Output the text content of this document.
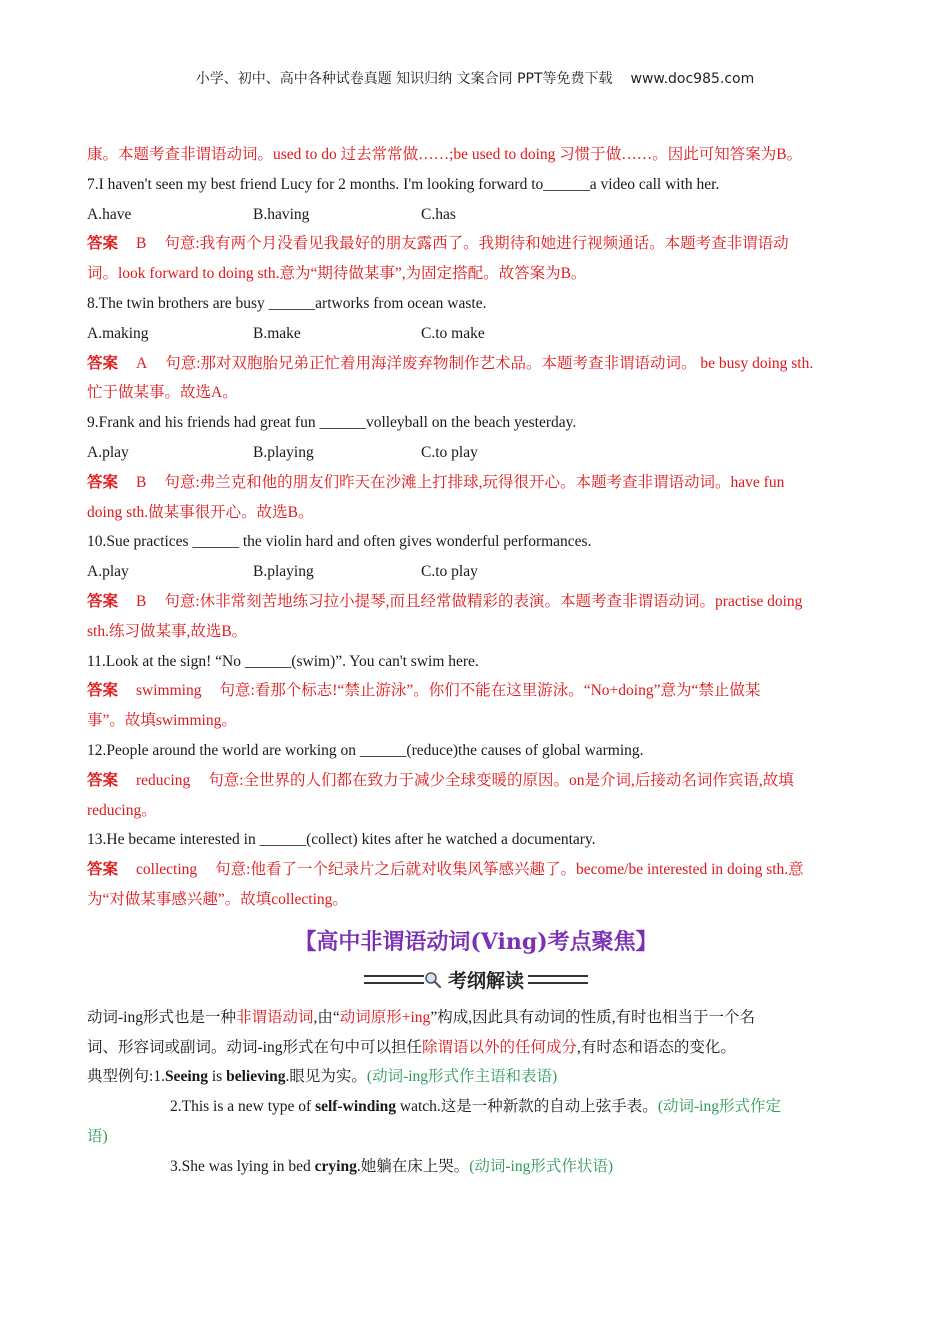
小学、初中、高中各种试卷真题 知识归纳 文案合同 PPT等免费下载 www.doc985.com
康。本题考查非谓语动词。used to do 过去常常做……;be used to doing 习惯于做……。因此可知答案为B。
7.I haven't seen my best friend Lucy for 2 months. I'm looking forward to______a video call with her.
A.have	B.having	C.has
答案 B 句意:我有两个月没看见我最好的朋友露西了。我期待和她进行视频通话。本题考查非谓语动
词。look forward to doing sth.意为“期待做某事”,为固定搭配。故答案为B。
8.The twin brothers are busy ______artworks from ocean waste.
A.making	B.make	C.to make
答案 A 句意:那对双胞胎兄弟正忙着用海洋废弃物制作艺术品。本题考查非谓语动词。 be busy doing sth.
忙于做某事。故选A。
9.Frank and his friends had great fun ______volleyball on the beach yesterday.
A.play	B.playing	C.to play
答案 B 句意:弗兰克和他的朋友们昨天在沙滩上打排球,玩得很开心。本题考查非谓语动词。have fun
doing sth.做某事很开心。故选B。
10.Sue practices ______ the violin hard and often gives wonderful performances.
A.play	B.playing	C.to play
答案 B 句意:休非常刻苦地练习拉小提琴,而且经常做精彩的表演。本题考查非谓语动词。practise doing
sth.练习做某事,故选B。
11.Look at the sign! “No ______(swim)”. You can't swim here.
答案 swimming 句意:看那个标志!“禁止游泳”。你们不能在这里游泳。“No+doing”意为“禁止做某
事”。故填swimming。
12.People around the world are working on ______(reduce)the causes of global warming.
答案 reducing 句意:全世界的人们都在致力于减少全球变暖的原因。on是介词,后接动名词作宾语,故填
reducing。
13.He became interested in ______(collect) kites after he watched a documentary.
答案 collecting 句意:他看了一个纪录片之后就对收集风筝感兴趣了。become/be interested in doing sth.意
为“对做某事感兴趣”。故填collecting。
【高中非谓语动词(Ving)考点聚焦】
考纲解读
动词-ing形式也是一种非谓语动词,由“动词原形+ing”构成,因此具有动词的性质,有时也相当于一个名
词、形容词或副词。动词-ing形式在句中可以担任除谓语以外的任何成分,有时态和语态的变化。
典型例句:1.Seeing is believing.眼见为实。(动词-ing形式作主语和表语)
2.This is a new type of self-winding watch.这是一种新款的自动上弦手表。(动词-ing形式作定
语)
3.She was lying in bed crying.她躺在床上哭。(动词-ing形式作状语)
